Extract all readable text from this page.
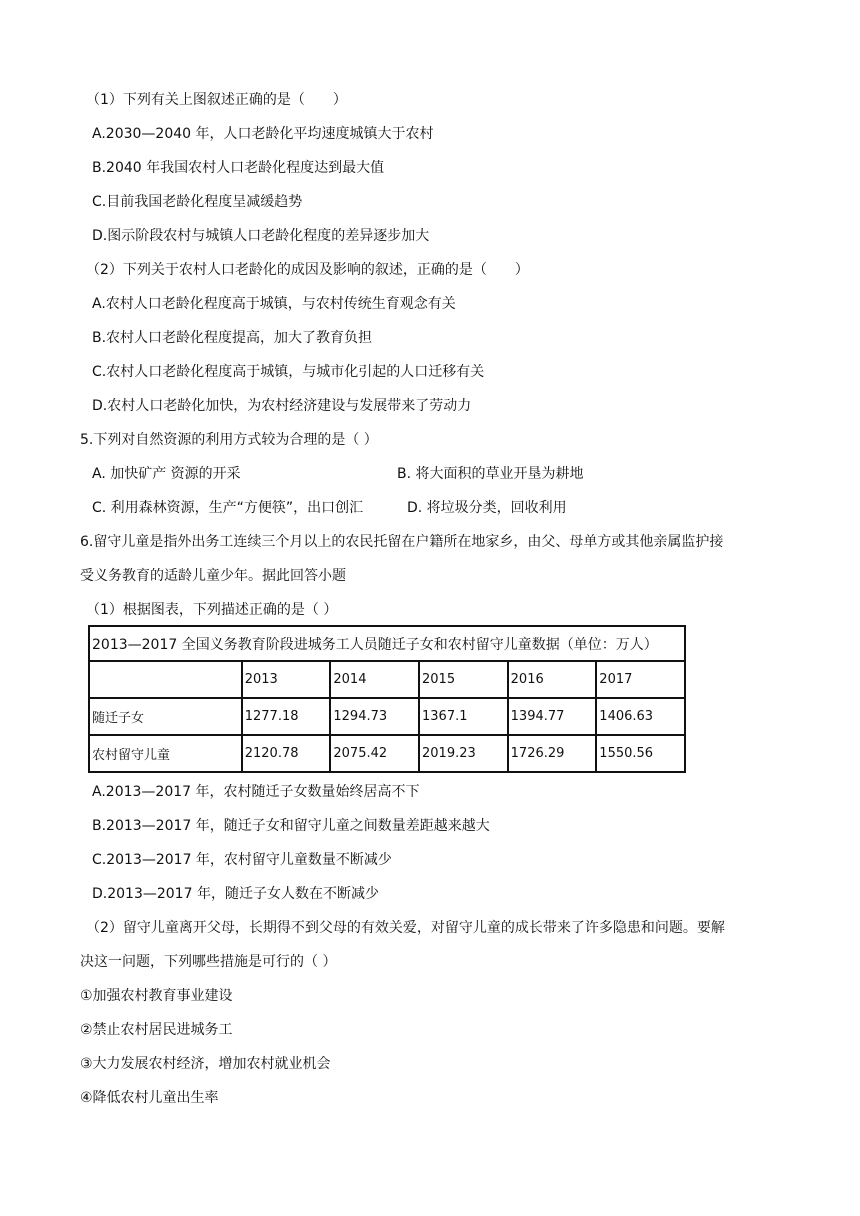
（1）下列有关上图叙述正确的是（　　）
A.2030—2040 年，人口老龄化平均速度城镇大于农村
B.2040 年我国农村人口老龄化程度达到最大值
C.目前我国老龄化程度呈减缓趋势
D.图示阶段农村与城镇人口老龄化程度的差异逐步加大
（2）下列关于农村人口老龄化的成因及影响的叙述，正确的是（　　）
A.农村人口老龄化程度高于城镇，与农村传统生育观念有关
B.农村人口老龄化程度提高，加大了教育负担
C.农村人口老龄化程度高于城镇，与城市化引起的人口迁移有关
D.农村人口老龄化加快，为农村经济建设与发展带来了劳动力
5.下列对自然资源的利用方式较为合理的是（ ）
A. 加快矿产 资源的开采	B. 将大面积的草业开垦为耕地
C. 利用森林资源，生产“方便筷”，出口创汇	D. 将垃圾分类，回收利用
6.留守儿童是指外出务工连续三个月以上的农民托留在户籍所在地家乡，由父、母单方或其他亲属监护接
受义务教育的适龄儿童少年。据此回答小题
（1）根据图表，下列描述正确的是（ ）
2013—2017 全国义务教育阶段进城务工人员随迁子女和农村留守儿童数据（单位：万人）					
	2013	2014	2015	2016	2017
随迁子女	1277.18	1294.73	1367.1	1394.77	1406.63
农村留守儿童	2120.78	2075.42	2019.23	1726.29	1550.56
A.2013—2017 年，农村随迁子女数量始终居高不下
B.2013—2017 年，随迁子女和留守儿童之间数量差距越来越大
C.2013—2017 年，农村留守儿童数量不断减少
D.2013—2017 年，随迁子女人数在不断减少
（2）留守儿童离开父母，长期得不到父母的有效关爱，对留守儿童的成长带来了许多隐患和问题。要解
决这一问题，下列哪些措施是可行的（ ）
①加强农村教育事业建设
②禁止农村居民进城务工
③大力发展农村经济，增加农村就业机会
④降低农村儿童出生率
